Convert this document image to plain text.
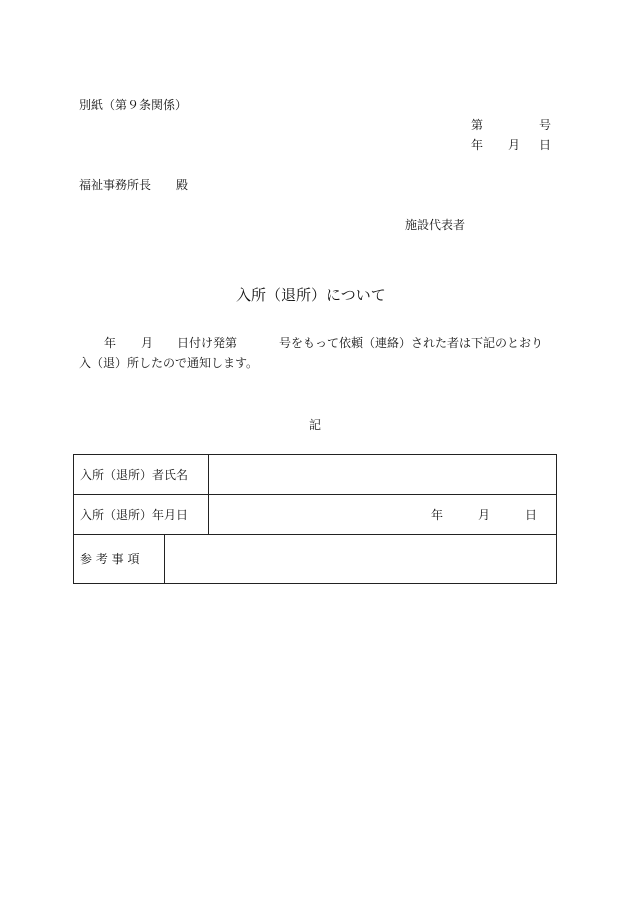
別紙（第９条関係）
第	号
年 月 日
福祉事務所長 殿
施設代表者
入所（退所）について
年 月 日付け発第	号をもって依頼（連絡）された者は下記のとおり
入（退）所したので通知します。
記
入所（退所）者氏名
入所（退所）年月日	年	月	日
参 考 事 項
